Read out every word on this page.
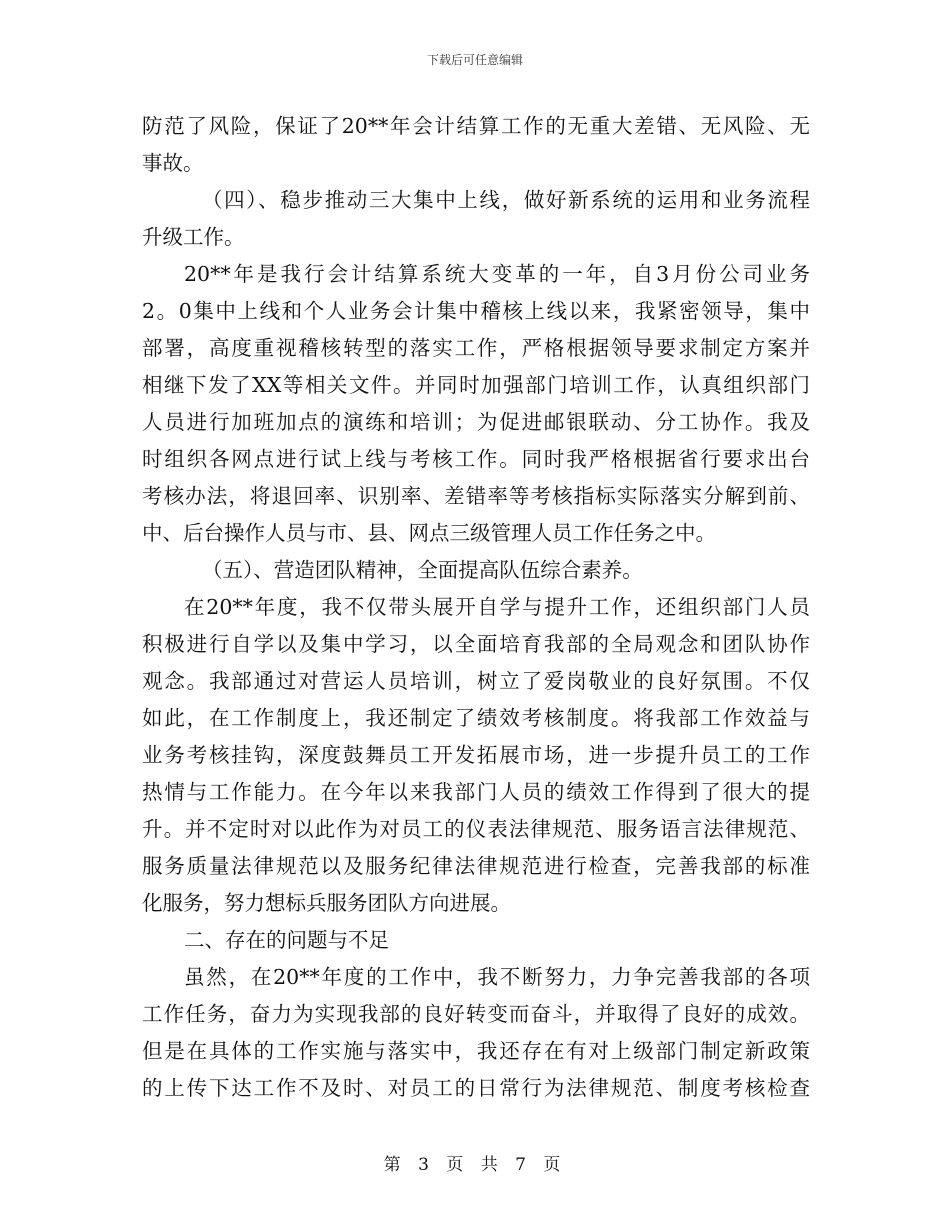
下载后可任意编辑
防范了风险，保证了20**年会计结算工作的无重大差错、无风险、无
事故。
（四）、稳步推动三大集中上线，做好新系统的运用和业务流程
升级工作。
20**年是我行会计结算系统大变革的一年，自3月份公司业务
2。0集中上线和个人业务会计集中稽核上线以来，我紧密领导，集中
部署，高度重视稽核转型的落实工作，严格根据领导要求制定方案并
相继下发了XX等相关文件。并同时加强部门培训工作，认真组织部门
人员进行加班加点的演练和培训；为促进邮银联动、分工协作。我及
时组织各网点进行试上线与考核工作。同时我严格根据省行要求出台
考核办法，将退回率、识别率、差错率等考核指标实际落实分解到前、
中、后台操作人员与市、县、网点三级管理人员工作任务之中。
（五）、营造团队精神，全面提高队伍综合素养。
在20**年度，我不仅带头展开自学与提升工作，还组织部门人员
积极进行自学以及集中学习，以全面培育我部的全局观念和团队协作
观念。我部通过对营运人员培训，树立了爱岗敬业的良好氛围。不仅
如此，在工作制度上，我还制定了绩效考核制度。将我部工作效益与
业务考核挂钩，深度鼓舞员工开发拓展市场，进一步提升员工的工作
热情与工作能力。在今年以来我部门人员的绩效工作得到了很大的提
升。并不定时对以此作为对员工的仪表法律规范、服务语言法律规范、
服务质量法律规范以及服务纪律法律规范进行检查，完善我部的标准
化服务，努力想标兵服务团队方向进展。
二、存在的问题与不足
虽然，在20**年度的工作中，我不断努力，力争完善我部的各项
工作任务，奋力为实现我部的良好转变而奋斗，并取得了良好的成效。
但是在具体的工作实施与落实中，我还存在有对上级部门制定新政策
的上传下达工作不及时、对员工的日常行为法律规范、制度考核检查
第 3 页 共 7 页
